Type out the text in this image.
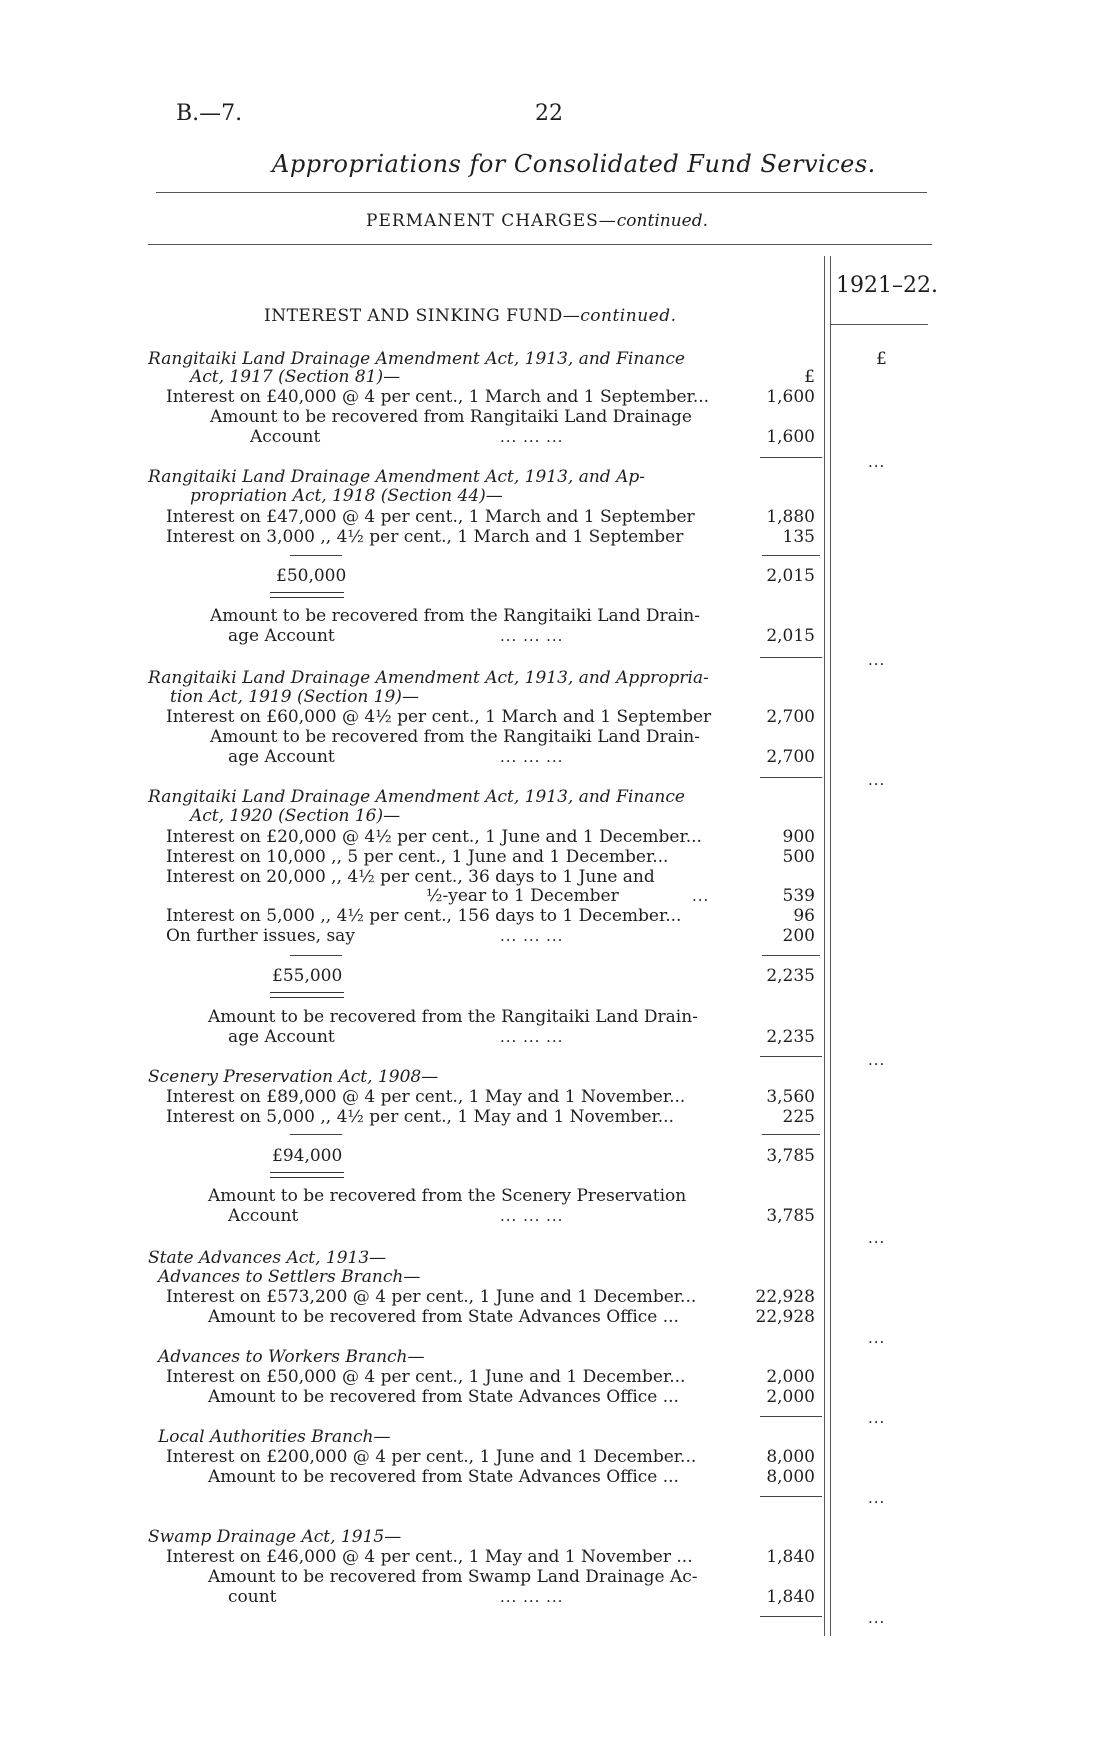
B.—7.	22
Appropriations for Consolidated Fund Services.
PERMANENT CHARGES—continued.
1921–22.
£
£
INTEREST AND SINKING FUND—continued.
Rangitaiki Land Drainage Amendment Act, 1913, and Finance
Act, 1917 (Section 81)—
Interest on £40,000 @ 4 per cent., 1 March and 1 September...	1,600
Amount to be recovered from Rangitaiki Land Drainage
Account	... ... ...	1,600
...
Rangitaiki Land Drainage Amendment Act, 1913, and Ap-
propriation Act, 1918 (Section 44)—
Interest on £47,000 @ 4 per cent., 1 March and 1 September	1,880
Interest on 3,000 ,, 4½ per cent., 1 March and 1 September	135
£50,000	2,015
Amount to be recovered from the Rangitaiki Land Drain-
age Account	... ... ...	2,015
...
Rangitaiki Land Drainage Amendment Act, 1913, and Appropria-
tion Act, 1919 (Section 19)—
Interest on £60,000 @ 4½ per cent., 1 March and 1 September	2,700
Amount to be recovered from the Rangitaiki Land Drain-
age Account	... ... ...	2,700
...
Rangitaiki Land Drainage Amendment Act, 1913, and Finance
Act, 1920 (Section 16)—
Interest on £20,000 @ 4½ per cent., 1 June and 1 December...	900
Interest on 10,000 ,, 5 per cent., 1 June and 1 December...	500
Interest on 20,000 ,, 4½ per cent., 36 days to 1 June and
½-year to 1 December	...	539
Interest on 5,000 ,, 4½ per cent., 156 days to 1 December...	96
On further issues, say	... ... ...	200
£55,000	2,235
Amount to be recovered from the Rangitaiki Land Drain-
age Account	... ... ...	2,235
...
Scenery Preservation Act, 1908—
Interest on £89,000 @ 4 per cent., 1 May and 1 November...	3,560
Interest on 5,000 ,, 4½ per cent., 1 May and 1 November...	225
£94,000	3,785
Amount to be recovered from the Scenery Preservation
Account	... ... ...	3,785
...
State Advances Act, 1913—
Advances to Settlers Branch—
Interest on £573,200 @ 4 per cent., 1 June and 1 December...	22,928
Amount to be recovered from State Advances Office ...	22,928
...
Advances to Workers Branch—
Interest on £50,000 @ 4 per cent., 1 June and 1 December...	2,000
Amount to be recovered from State Advances Office ...	2,000
...
Local Authorities Branch—
Interest on £200,000 @ 4 per cent., 1 June and 1 December...	8,000
Amount to be recovered from State Advances Office ...	8,000
...
Swamp Drainage Act, 1915—
Interest on £46,000 @ 4 per cent., 1 May and 1 November ...	1,840
Amount to be recovered from Swamp Land Drainage Ac-
count	... ... ...	1,840
...
